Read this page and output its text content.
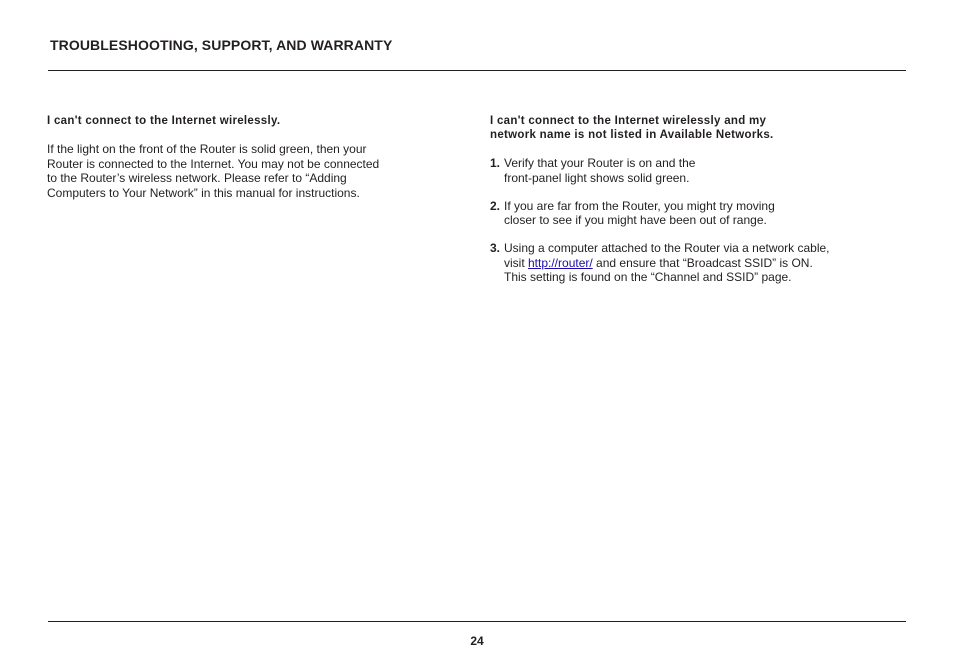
TROUBLESHOOTING, SUPPORT, AND WARRANTY

I can't connect to the Internet wirelessly.

If the light on the front of the Router is solid green, then your
Router is connected to the Internet. You may not be connected
to the Router’s wireless network. Please refer to “Adding
Computers to Your Network” in this manual for instructions.

I can't connect to the Internet wirelessly and my
network name is not listed in Available Networks.

1. Verify that your Router is on and the
front-panel light shows solid green.
2. If you are far from the Router, you might try moving
closer to see if you might have been out of range.
3. Using a computer attached to the Router via a network cable,
visit http://router/ and ensure that “Broadcast SSID” is ON.
This setting is found on the “Channel and SSID” page.
24
